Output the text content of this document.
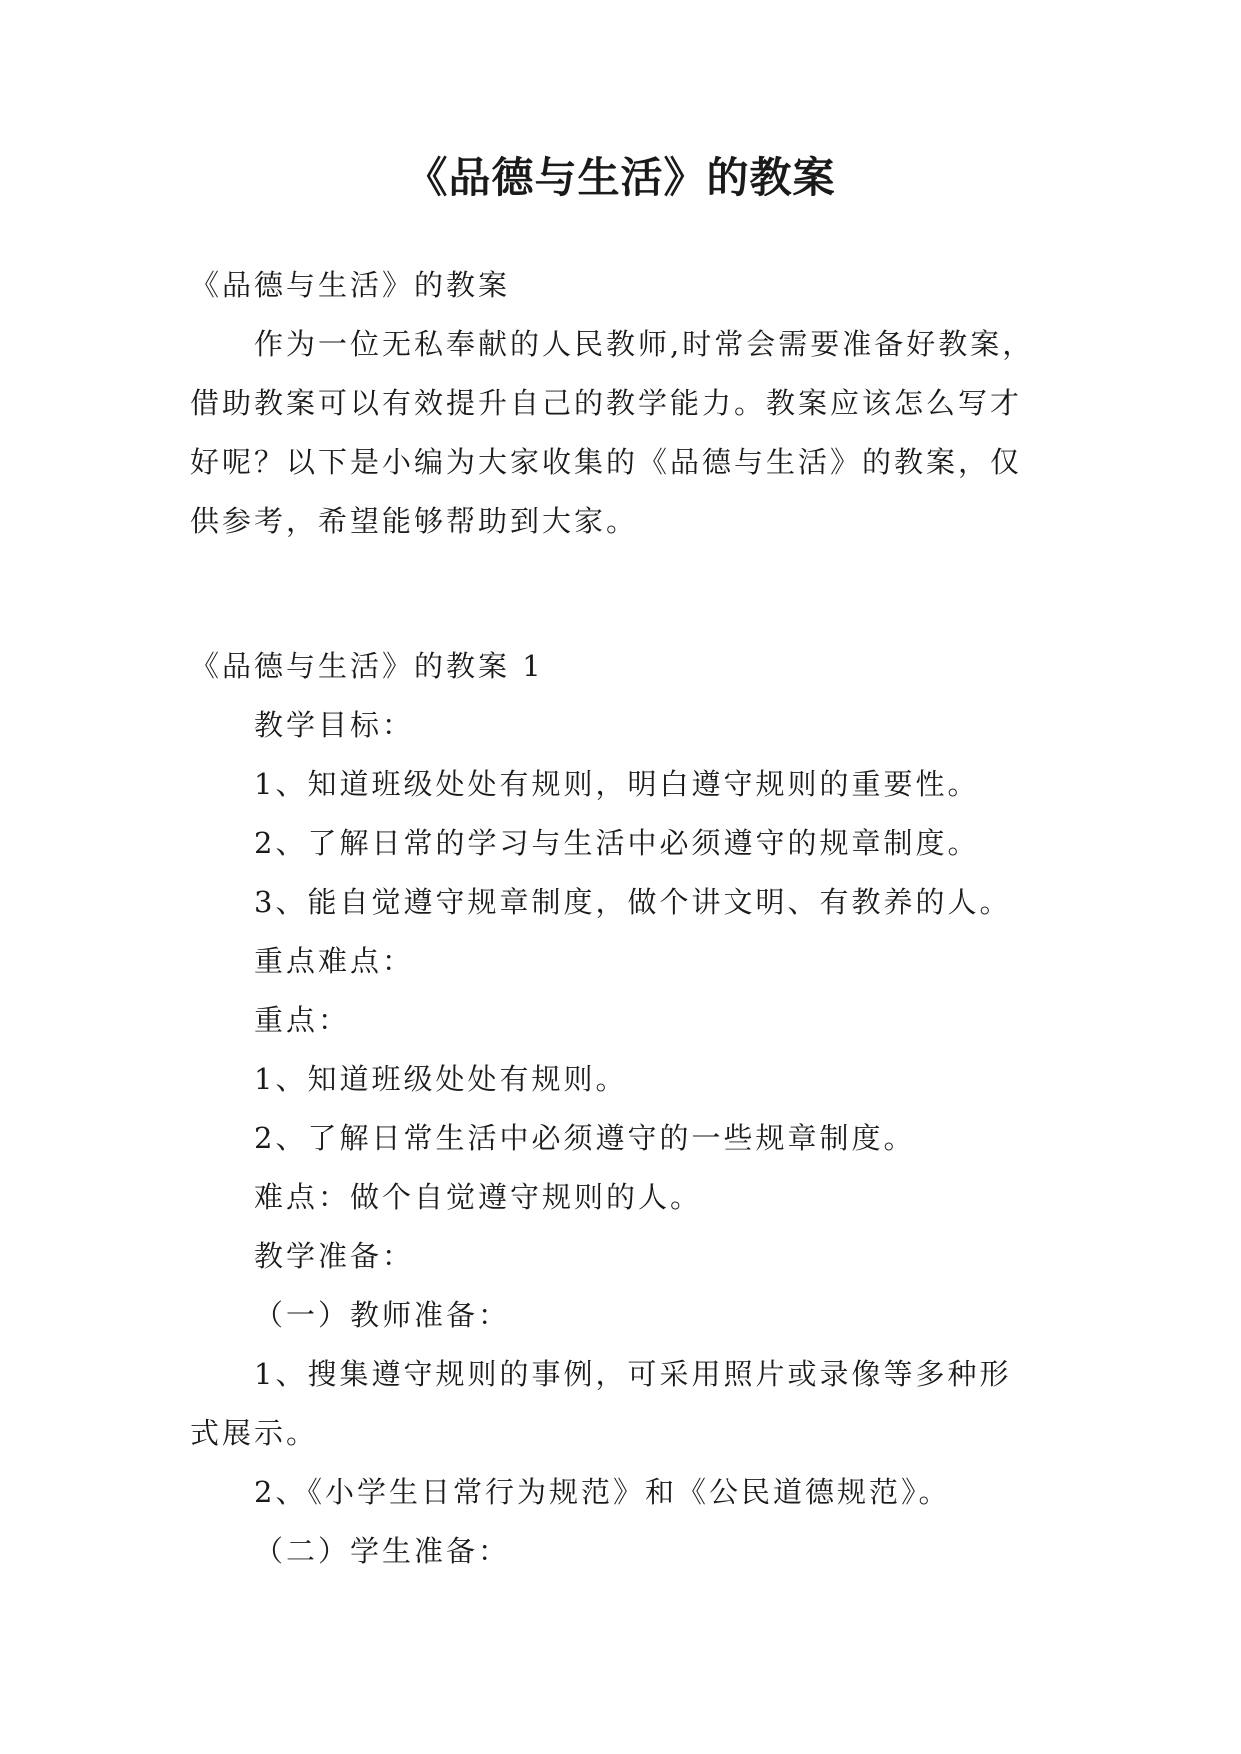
《品德与生活》的教案

《品德与生活》的教案

作为一位无私奉献的人民教师,时常会需要准备好教案，

借助教案可以有效提升自己的教学能力。教案应该怎么写才

好呢？以下是小编为大家收集的《品德与生活》的教案，仅

供参考，希望能够帮助到大家。

《品德与生活》的教案 1

教学目标：

1、知道班级处处有规则，明白遵守规则的重要性。

2、了解日常的学习与生活中必须遵守的规章制度。

3、能自觉遵守规章制度，做个讲文明、有教养的人。

重点难点：

重点：

1、知道班级处处有规则。

2、了解日常生活中必须遵守的一些规章制度。

难点：做个自觉遵守规则的人。

教学准备：

（一）教师准备：

1、搜集遵守规则的事例，可采用照片或录像等多种形

式展示。

2、《小学生日常行为规范》和《公民道德规范》。

（二）学生准备：
